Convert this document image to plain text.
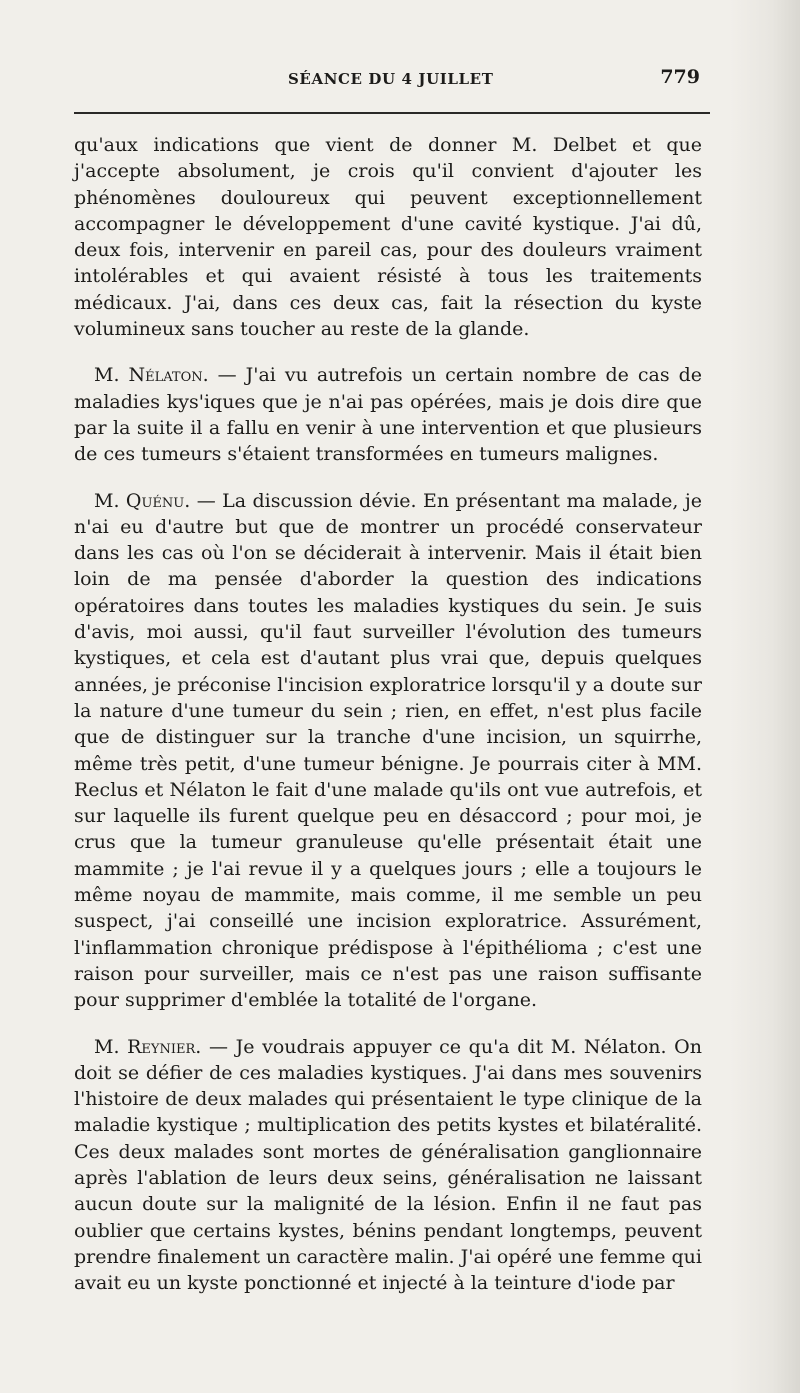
SÉANCE DU 4 JUILLET	779

qu'aux indications que vient de donner M. Delbet et que j'accepte absolument, je crois qu'il convient d'ajouter les phénomènes douloureux qui peuvent exceptionnellement accompagner le développement d'une cavité kystique. J'ai dû, deux fois, intervenir en pareil cas, pour des douleurs vraiment intolérables et qui avaient résisté à tous les traitements médicaux. J'ai, dans ces deux cas, fait la résection du kyste volumineux sans toucher au reste de la glande.

M. Nélaton. — J'ai vu autrefois un certain nombre de cas de maladies kys'iques que je n'ai pas opérées, mais je dois dire que par la suite il a fallu en venir à une intervention et que plusieurs de ces tumeurs s'étaient transformées en tumeurs malignes.

M. Quénu. — La discussion dévie. En présentant ma malade, je n'ai eu d'autre but que de montrer un procédé conservateur dans les cas où l'on se déciderait à intervenir. Mais il était bien loin de ma pensée d'aborder la question des indications opératoires dans toutes les maladies kystiques du sein. Je suis d'avis, moi aussi, qu'il faut surveiller l'évolution des tumeurs kystiques, et cela est d'autant plus vrai que, depuis quelques années, je préconise l'incision exploratrice lorsqu'il y a doute sur la nature d'une tumeur du sein ; rien, en effet, n'est plus facile que de distinguer sur la tranche d'une incision, un squirrhe, même très petit, d'une tumeur bénigne. Je pourrais citer à MM. Reclus et Nélaton le fait d'une malade qu'ils ont vue autrefois, et sur laquelle ils furent quelque peu en désaccord ; pour moi, je crus que la tumeur granuleuse qu'elle présentait était une mammite ; je l'ai revue il y a quelques jours ; elle a toujours le même noyau de mammite, mais comme, il me semble un peu suspect, j'ai conseillé une incision exploratrice. Assurément, l'inflammation chronique prédispose à l'épithélioma ; c'est une raison pour surveiller, mais ce n'est pas une raison suffisante pour supprimer d'emblée la totalité de l'organe.

M. Reynier. — Je voudrais appuyer ce qu'a dit M. Nélaton. On doit se défier de ces maladies kystiques. J'ai dans mes souvenirs l'histoire de deux malades qui présentaient le type clinique de la maladie kystique ; multiplication des petits kystes et bilatéralité. Ces deux malades sont mortes de généralisation ganglionnaire après l'ablation de leurs deux seins, généralisation ne laissant aucun doute sur la malignité de la lésion. Enfin il ne faut pas oublier que certains kystes, bénins pendant longtemps, peuvent prendre finalement un caractère malin. J'ai opéré une femme qui avait eu un kyste ponctionné et injecté à la teinture d'iode par
